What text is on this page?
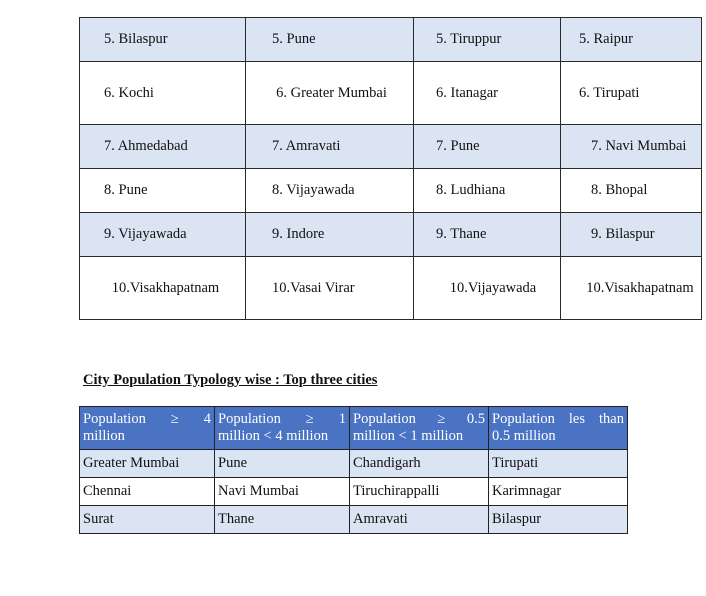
5. Bilaspur	5. Pune	5. Tiruppur	5. Raipur
6. Kochi	6. Greater Mumbai	6. Itanagar	6. Tirupati
7. Ahmedabad	7. Amravati	7. Pune	7. Navi Mumbai
8. Pune	8. Vijayawada	8. Ludhiana	8. Bhopal
9. Vijayawada	9. Indore	9. Thane	9. Bilaspur
10.Visakhapatnam	10.Vasai Virar	10.Vijayawada	10.Visakhapatnam
City Population Typology wise : Top three cities
Population ≥ 4 million	Population ≥ 1 million < 4 million	Population ≥ 0.5 million < 1 million	Population les than 0.5 million

Greater Mumbai	Pune	Chandigarh	Tirupati
Chennai	Navi Mumbai	Tiruchirappalli	Karimnagar
Surat	Thane	Amravati	Bilaspur
